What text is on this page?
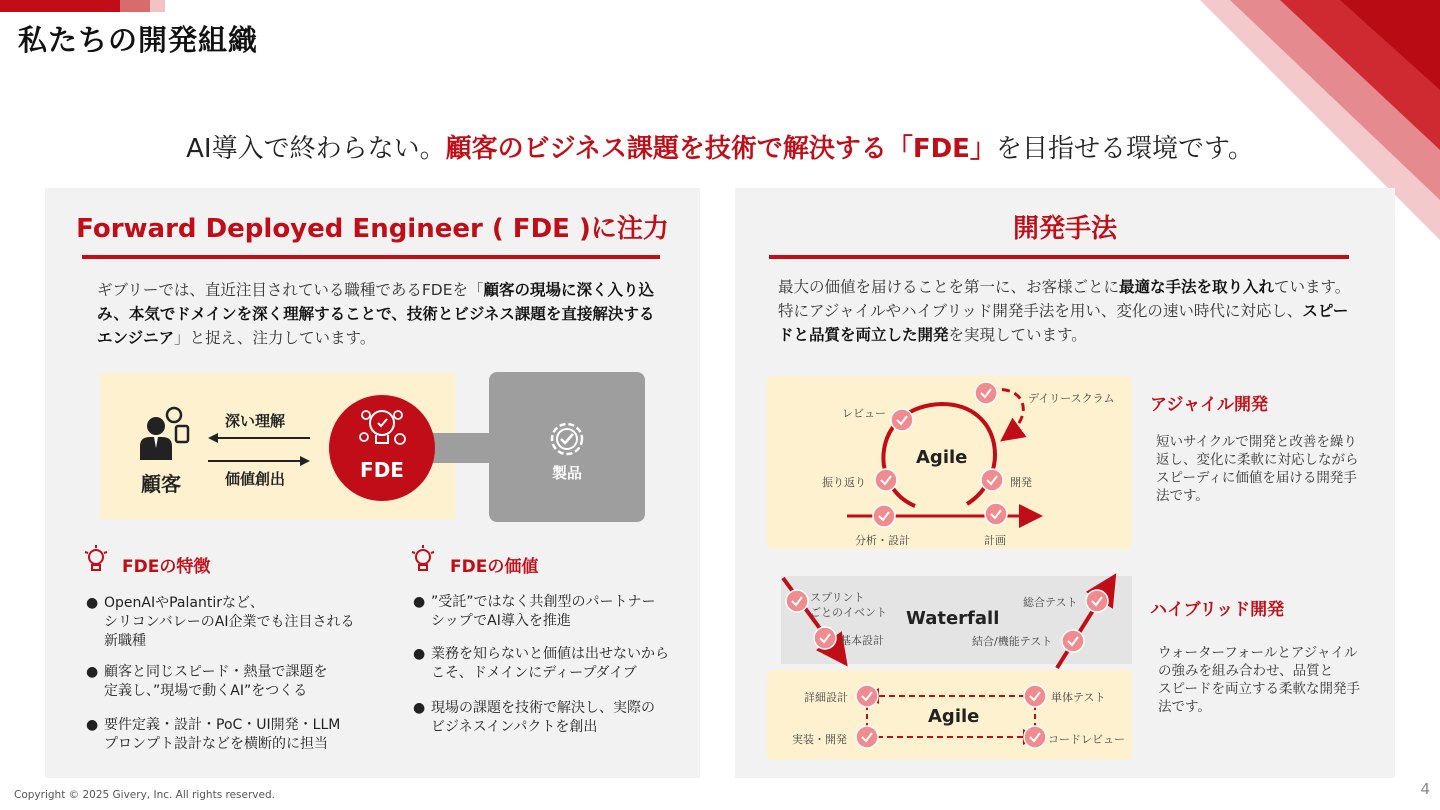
私たちの開発組織
AI導入で終わらない。顧客のビジネス課題を技術で解決する「FDE」を目指せる環境です。
Forward Deployed Engineer ( FDE )に注力
ギブリーでは、直近注目されている職種であるFDEを「顧客の現場に深く入り込み、本気でドメインを深く理解することで、技術とビジネス課題を直接解決するエンジニア」と捉え、注力しています。
顧客
深い理解
価値創出	FDE	製品
FDEの特徴
● OpenAIやPalantirなど、
シリコンバレーのAI企業でも注目される
新職種
● 顧客と同じスピード・熱量で課題を
定義し、”現場で動くAI”をつくる
● 要件定義・設計・PoC・UI開発・LLM
プロンプト設計などを横断的に担当
FDEの価値
● ”受託”ではなく共創型のパートナー
シップでAI導入を推進
● 業務を知らないと価値は出せないから
こそ、ドメインにディープダイブ
● 現場の課題を技術で解決し、実際の
ビジネスインパクトを創出
開発手法
最大の価値を届けることを第一に、お客様ごとに最適な手法を取り入れています。特にアジャイルやハイブリッド開発手法を用い、変化の速い時代に対応し、スピードと品質を両立した開発を実現しています。
Agile
レビュー
デイリースクラム
振り返り	開発
分析・設計	計画
アジャイル開発
短いサイクルで開発と改善を繰り
返し、変化に柔軟に対応しながら
スピーディに価値を届ける開発手
法です。
Waterfall
Agile
スプリント
ごとのイベント
基本設計
詳細設計
実装・開発
総合テスト
結合/機能テスト
単体テスト
コードレビュー
ハイブリッド開発
ウォーターフォールとアジャイル
の強みを組み合わせ、品質と
スピードを両立する柔軟な開発手
法です。
Copyright © 2025 Givery, Inc. All rights reserved.	4
